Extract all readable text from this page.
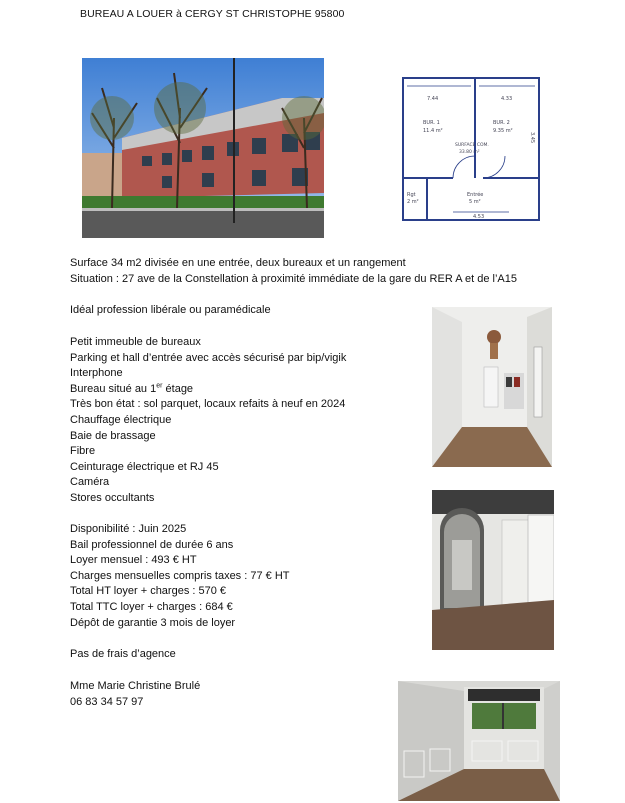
BUREAU A LOUER à CERGY ST CHRISTOPHE 95800
7.44	4.33
BUR. 1
11.4 m²
BUR. 2
9.35 m²
SURFACE COM.
33.80 m²
Entrée
5 m²
Rgt
2 m²
4.53
3.45

Surface 34 m2 divisée en une entrée, deux bureaux et un rangement

Situation : 27 ave de la Constellation à proximité immédiate de la gare du RER A et de l’A15

Idéal profession libérale ou paramédicale

Petit immeuble de bureaux

Parking et hall d’entrée avec accès sécurisé par bip/vigik

Interphone

Bureau situé au 1er étage

Très bon état : sol parquet, locaux refaits à neuf en 2024

Chauffage électrique

Baie de brassage

Fibre

Ceinturage électrique et RJ 45

Caméra

Stores occultants

Disponibilité : Juin 2025

Bail professionnel de durée 6 ans

Loyer mensuel : 493 € HT

Charges mensuelles compris taxes : 77 € HT

Total HT loyer + charges : 570 €

Total TTC loyer + charges : 684 €

Dépôt de garantie 3 mois de loyer

Pas de frais d’agence

Mme Marie Christine Brulé

06 83 34 57 97
